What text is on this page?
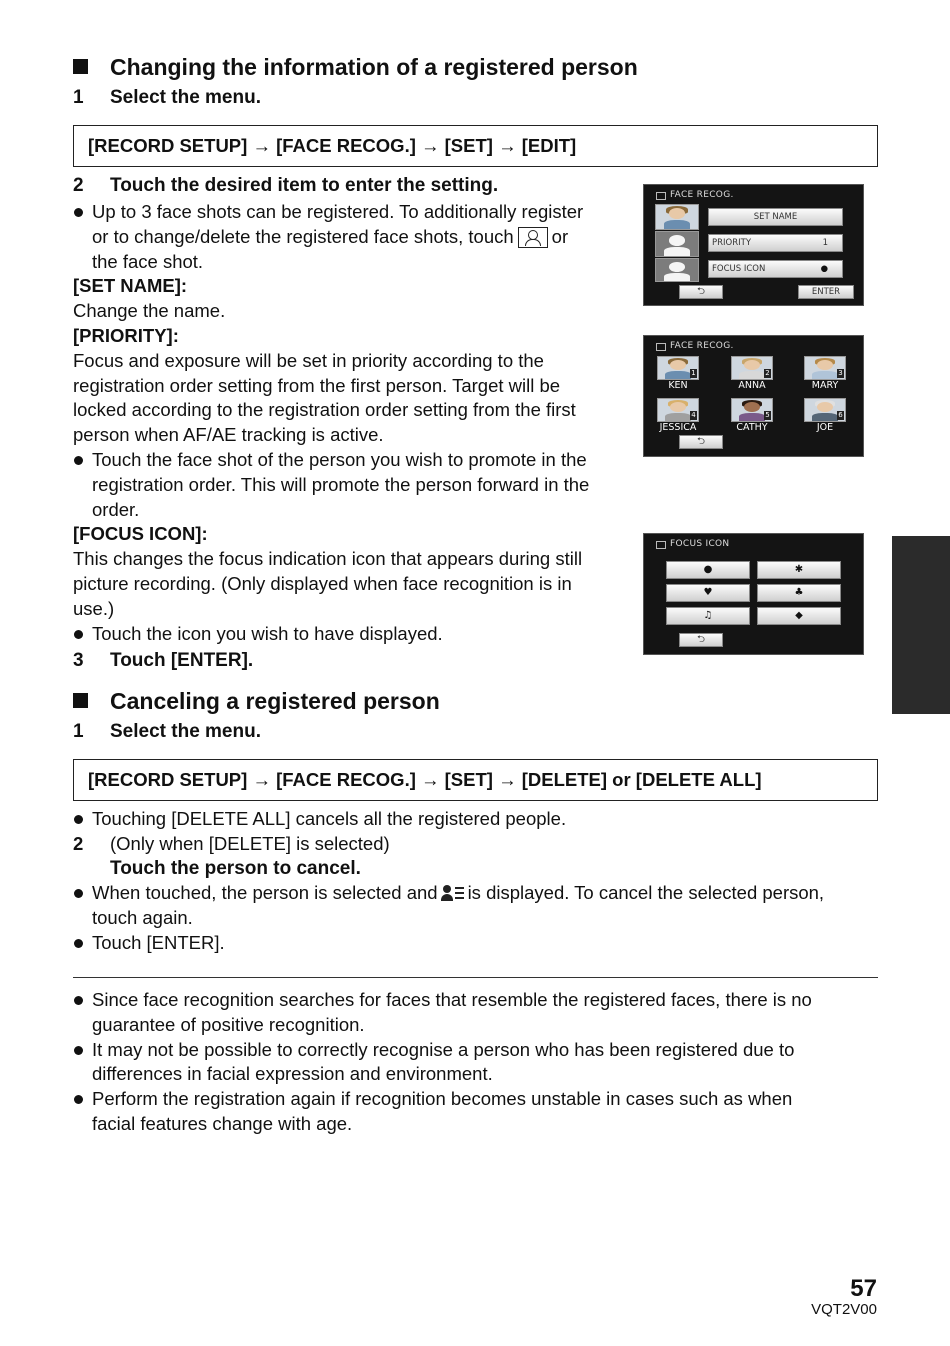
Changing the information of a registered person
1 Select the menu.
[RECORD SETUP] → [FACE RECOG.] → [SET] → [EDIT]
2 Touch the desired item to enter the setting.
Up to 3 face shots can be registered. To additionally register
or to change/delete the registered face shots, touch or
the face shot.
[SET NAME]:
Change the name.
[PRIORITY]:
Focus and exposure will be set in priority according to the
registration order setting from the first person. Target will be
locked according to the registration order setting from the first
person when AF/AE tracking is active.
Touch the face shot of the person you wish to promote in the
registration order. This will promote the person forward in the
order.
[FOCUS ICON]:
This changes the focus indication icon that appears during still
picture recording. (Only displayed when face recognition is in
use.)
Touch the icon you wish to have displayed.
3 Touch [ENTER].
FACE RECOG.
SET NAME
PRIORITY	1
FOCUS ICON	●
⮌	ENTER
FACE RECOG.
1
KEN
2
ANNA
3
MARY
4
JESSICA
5
CATHY
6
JOE
⮌
FOCUS ICON
●	✱
♥	♣
♫	◆
⮌
Canceling a registered person
1 Select the menu.
[RECORD SETUP] → [FACE RECOG.] → [SET] → [DELETE] or [DELETE ALL]
Touching [DELETE ALL] cancels all the registered people.
2 (Only when [DELETE] is selected)
Touch the person to cancel.
When touched, the person is selected and is displayed. To cancel the selected person,
touch again.
Touch [ENTER].
Since face recognition searches for faces that resemble the registered faces, there is no
guarantee of positive recognition.
It may not be possible to correctly recognise a person who has been registered due to
differences in facial expression and environment.
Perform the registration again if recognition becomes unstable in cases such as when
facial features change with age.
57
VQT2V00
